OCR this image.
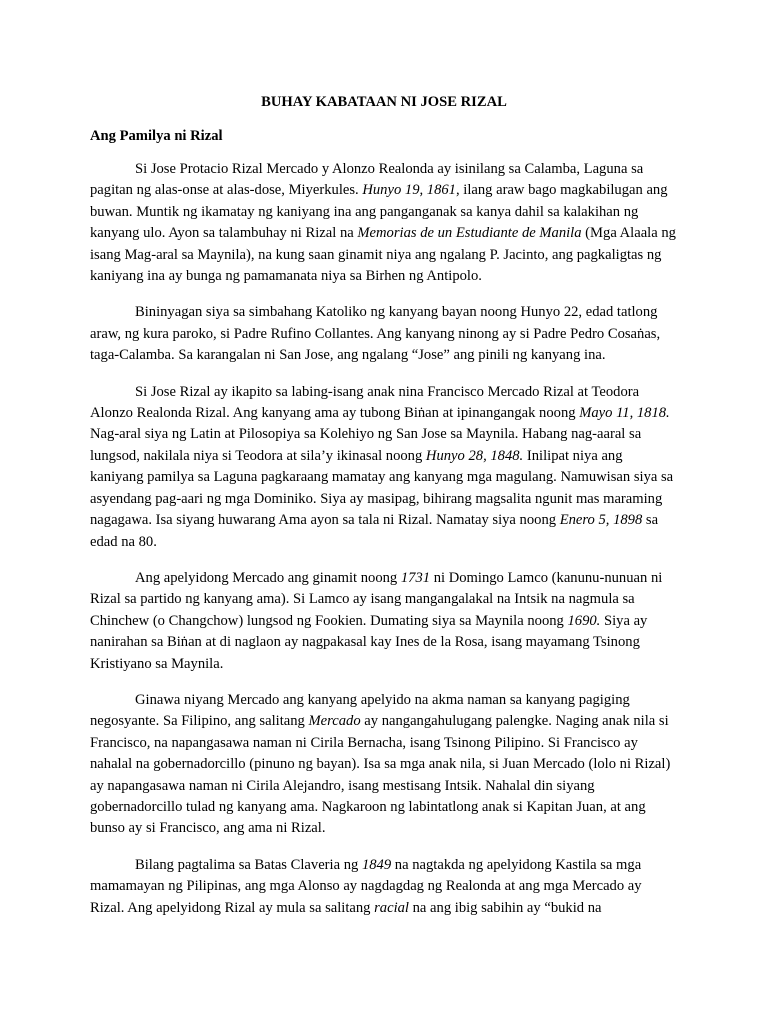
BUHAY KABATAAN NI JOSE RIZAL
Ang Pamilya ni Rizal

Si Jose Protacio Rizal Mercado y Alonzo Realonda ay isinilang sa Calamba, Laguna sa pagitan ng alas-onse at alas-dose, Miyerkules. Hunyo 19, 1861, ilang araw bago magkabilugan ang buwan. Muntik ng ikamatay ng kaniyang ina ang panganganak sa kanya dahil sa kalakihan ng kanyang ulo. Ayon sa talambuhay ni Rizal na Memorias de un Estudiante de Manila (Mga Alaala ng isang Mag-aral sa Maynila), na kung saan ginamit niya ang ngalang P. Jacinto, ang pagkaligtas ng kaniyang ina ay bunga ng pamamanata niya sa Birhen ng Antipolo.

Bininyagan siya sa simbahang Katoliko ng kanyang bayan noong Hunyo 22, edad tatlong araw, ng kura paroko, si Padre Rufino Collantes. Ang kanyang ninong ay si Padre Pedro Cosaṅas, taga-Calamba. Sa karangalan ni San Jose, ang ngalang “Jose” ang pinili ng kanyang ina.

Si Jose Rizal ay ikapito sa labing-isang anak nina Francisco Mercado Rizal at Teodora Alonzo Realonda Rizal. Ang kanyang ama ay tubong Biṅan at ipinangangak noong Mayo 11, 1818. Nag-aral siya ng Latin at Pilosopiya sa Kolehiyo ng San Jose sa Maynila. Habang nag-aaral sa lungsod, nakilala niya si Teodora at sila’y ikinasal noong Hunyo 28, 1848. Inilipat niya ang kaniyang pamilya sa Laguna pagkaraang mamatay ang kanyang mga magulang. Namuwisan siya sa asyendang pag-aari ng mga Dominiko. Siya ay masipag, bihirang magsalita ngunit mas maraming nagagawa. Isa siyang huwarang Ama ayon sa tala ni Rizal. Namatay siya noong Enero 5, 1898 sa edad na 80.

Ang apelyidong Mercado ang ginamit noong 1731 ni Domingo Lamco (kanunu-nunuan ni Rizal sa partido ng kanyang ama). Si Lamco ay isang mangangalakal na Intsik na nagmula sa Chinchew (o Changchow) lungsod ng Fookien. Dumating siya sa Maynila noong 1690. Siya ay nanirahan sa Biṅan at di naglaon ay nagpakasal kay Ines de la Rosa, isang mayamang Tsinong Kristiyano sa Maynila.

Ginawa niyang Mercado ang kanyang apelyido na akma naman sa kanyang pagiging negosyante. Sa Filipino, ang salitang Mercado ay nangangahulugang palengke. Naging anak nila si Francisco, na napangasawa naman ni Cirila Bernacha, isang Tsinong Pilipino. Si Francisco ay nahalal na gobernadorcillo (pinuno ng bayan). Isa sa mga anak nila, si Juan Mercado (lolo ni Rizal) ay napangasawa naman ni Cirila Alejandro, isang mestisang Intsik. Nahalal din siyang gobernadorcillo tulad ng kanyang ama. Nagkaroon ng labintatlong anak si Kapitan Juan, at ang bunso ay si Francisco, ang ama ni Rizal.

Bilang pagtalima sa Batas Claveria ng 1849 na nagtakda ng apelyidong Kastila sa mga mamamayan ng Pilipinas, ang mga Alonso ay nagdagdag ng Realonda at ang mga Mercado ay Rizal. Ang apelyidong Rizal ay mula sa salitang racial na ang ibig sabihin ay “bukid na
